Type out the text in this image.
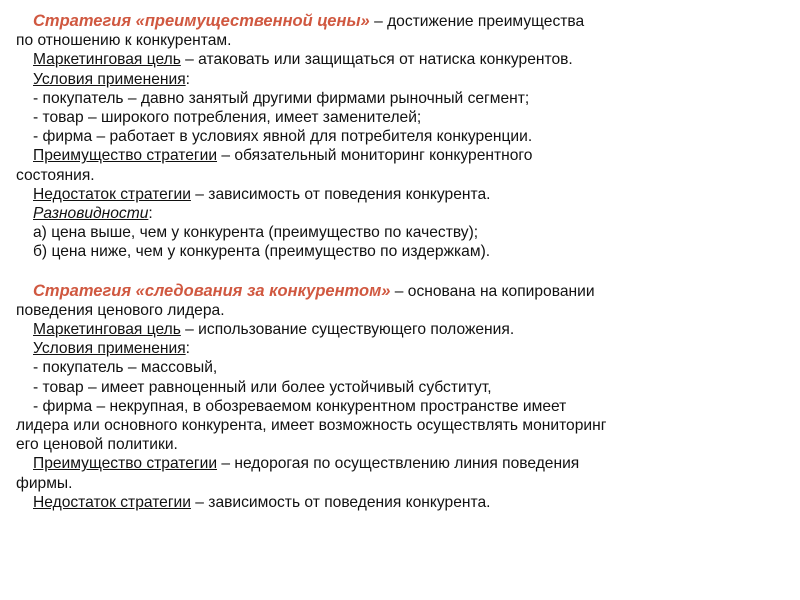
Стратегия «преимущественной цены» – достижение преимущества
по отношению к конкурентам.
Маркетинговая цель – атаковать или защищаться от натиска конкурентов.
Условия применения:
- покупатель – давно занятый другими фирмами рыночный сегмент;
- товар – широкого потребления, имеет заменителей;
- фирма – работает в условиях явной для потребителя конкуренции.
Преимущество стратегии – обязательный мониторинг конкурентного
состояния.
Недостаток стратегии – зависимость от поведения конкурента.
Разновидности:
а) цена выше, чем у конкурента (преимущество по качеству);
б) цена ниже, чем у конкурента (преимущество по издержкам).
Стратегия «следования за конкурентом» – основана на копировании
поведения ценового лидера.
Маркетинговая цель – использование существующего положения.
Условия применения:
- покупатель – массовый,
- товар – имеет равноценный или более устойчивый субститут,
- фирма – некрупная, в обозреваемом конкурентном пространстве имеет
лидера или основного конкурента, имеет возможность осуществлять мониторинг
его ценовой политики.
Преимущество стратегии – недорогая по осуществлению линия поведения
фирмы.
Недостаток стратегии – зависимость от поведения конкурента.
